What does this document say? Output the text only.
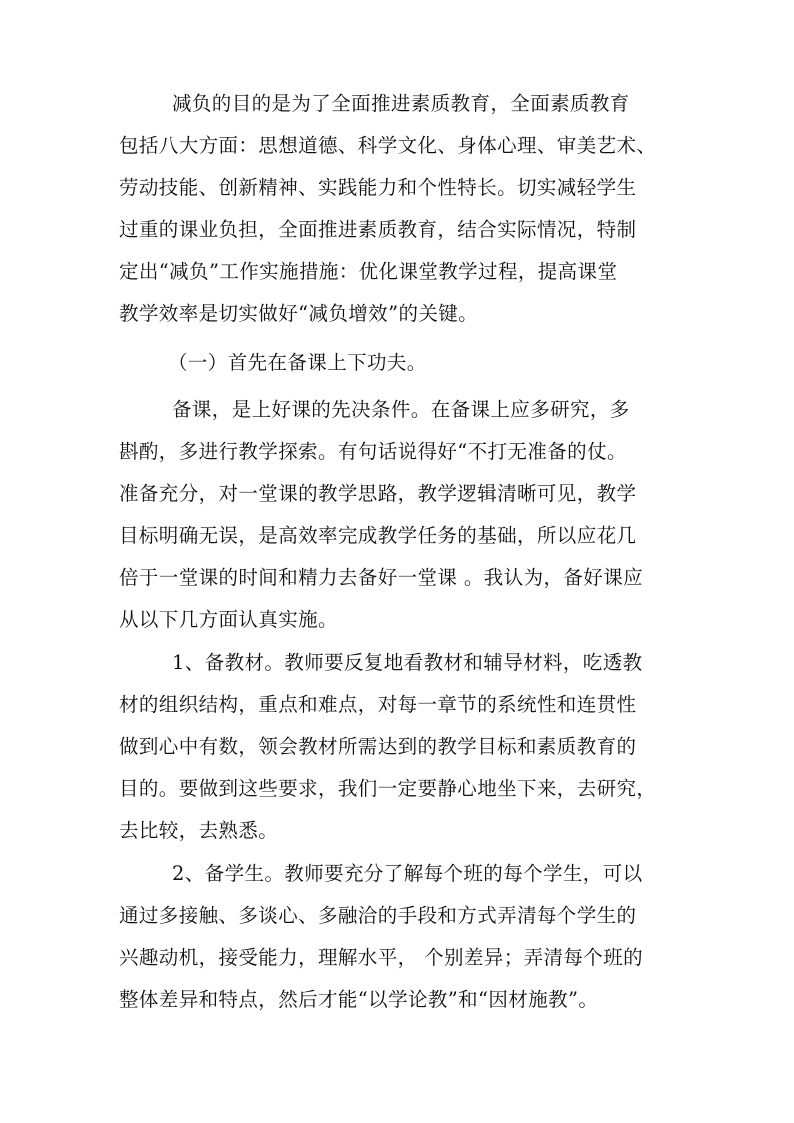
减负的目的是为了全面推进素质教育，全面素质教育
包括八大方面：思想道德、科学文化、身体心理、审美艺术、
劳动技能、创新精神、实践能力和个性特长。切实减轻学生
过重的课业负担，全面推进素质教育，结合实际情况，特制
定出“减负”工作实施措施：优化课堂教学过程，提高课堂
教学效率是切实做好“减负增效”的关键。
（一）首先在备课上下功夫。
备课，是上好课的先决条件。在备课上应多研究，多
斟酌，多进行教学探索。有句话说得好“不打无准备的仗。
准备充分，对一堂课的教学思路，教学逻辑清晰可见，教学
目标明确无误，是高效率完成教学任务的基础，所以应花几
倍于一堂课的时间和精力去备好一堂课 。我认为，备好课应
从以下几方面认真实施。
1、备教材。教师要反复地看教材和辅导材料，吃透教
材的组织结构，重点和难点，对每一章节的系统性和连贯性
做到心中有数，领会教材所需达到的教学目标和素质教育的
目的。要做到这些要求，我们一定要静心地坐下来，去研究，
去比较，去熟悉。
2、备学生。教师要充分了解每个班的每个学生，可以
通过多接触、多谈心、多融洽的手段和方式弄清每个学生的
兴趣动机，接受能力，理解水平， 个别差异；弄清每个班的
整体差异和特点，然后才能“以学论教”和“因材施教”。
